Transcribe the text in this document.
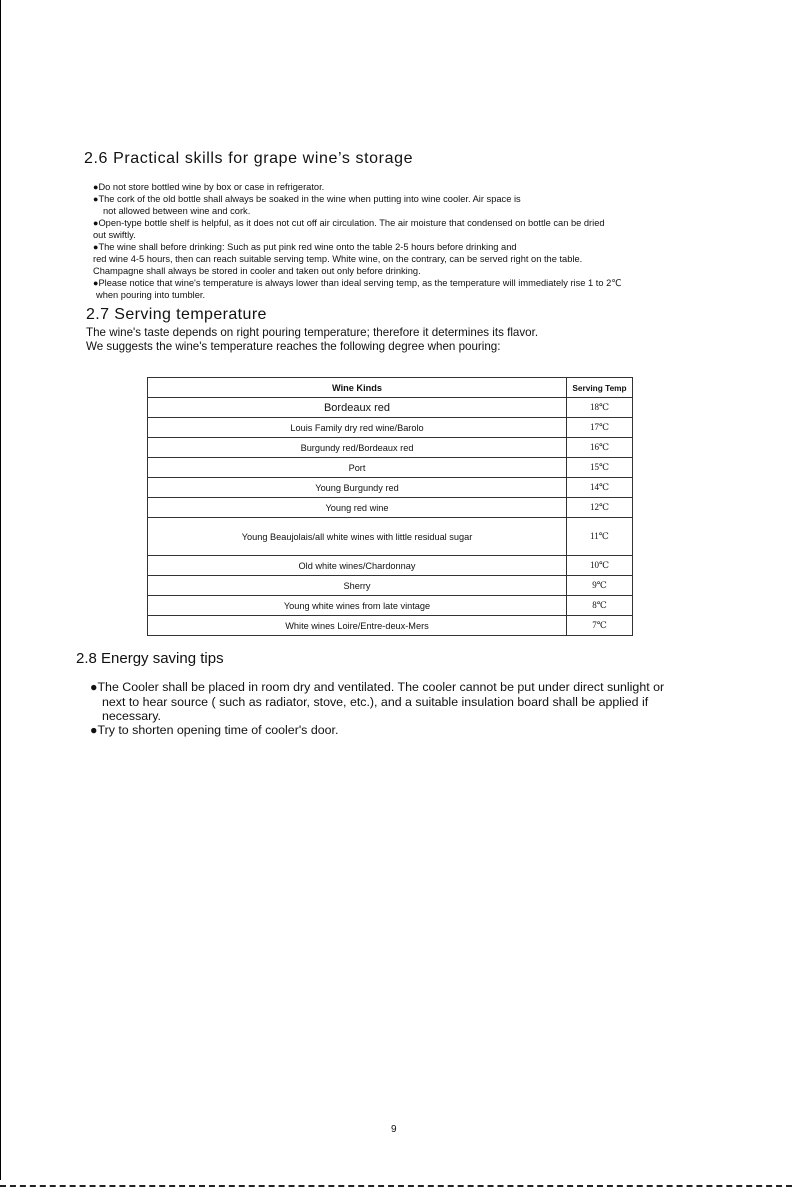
2.6 Practical skills for grape wine’s storage
●Do not store bottled wine by box or case in refrigerator.
●The cork of the old bottle shall always be soaked in the wine when putting into wine cooler. Air space is
not allowed between wine and cork.
●Open-type bottle shelf is helpful, as it does not cut off air circulation. The air moisture that condensed on bottle can be dried
out swiftly.
●The wine shall before drinking: Such as put pink red wine onto the table 2-5 hours before drinking and
red wine 4-5 hours, then can reach suitable serving temp. White wine, on the contrary, can be served right on the table.
Champagne shall always be stored in cooler and taken out only before drinking.
●Please notice that wine's temperature is always lower than ideal serving temp, as the temperature will immediately rise 1 to 2℃
when pouring into tumbler.
2.7 Serving temperature
The wine's taste depends on right pouring temperature; therefore it determines its flavor.
We suggests the wine's temperature reaches the following degree when pouring:
Wine Kinds	Serving Temp
Bordeaux red	18℃
Louis Family dry red wine/Barolo	17℃
Burgundy red/Bordeaux red	16℃
Port	15℃
Young Burgundy red	14℃
Young red wine	12℃
Young Beaujolais/all white wines with little residual sugar	11℃
Old white wines/Chardonnay	10℃
Sherry	9℃
Young white wines from late vintage	8℃
White wines Loire/Entre-deux-Mers	7℃
2.8 Energy saving tips
●The Cooler shall be placed in room dry and ventilated. The cooler cannot be put under direct sunlight or
next to hear source ( such as radiator, stove, etc.), and a suitable insulation board shall be applied if
necessary.
●Try to shorten opening time of cooler's door.
9
